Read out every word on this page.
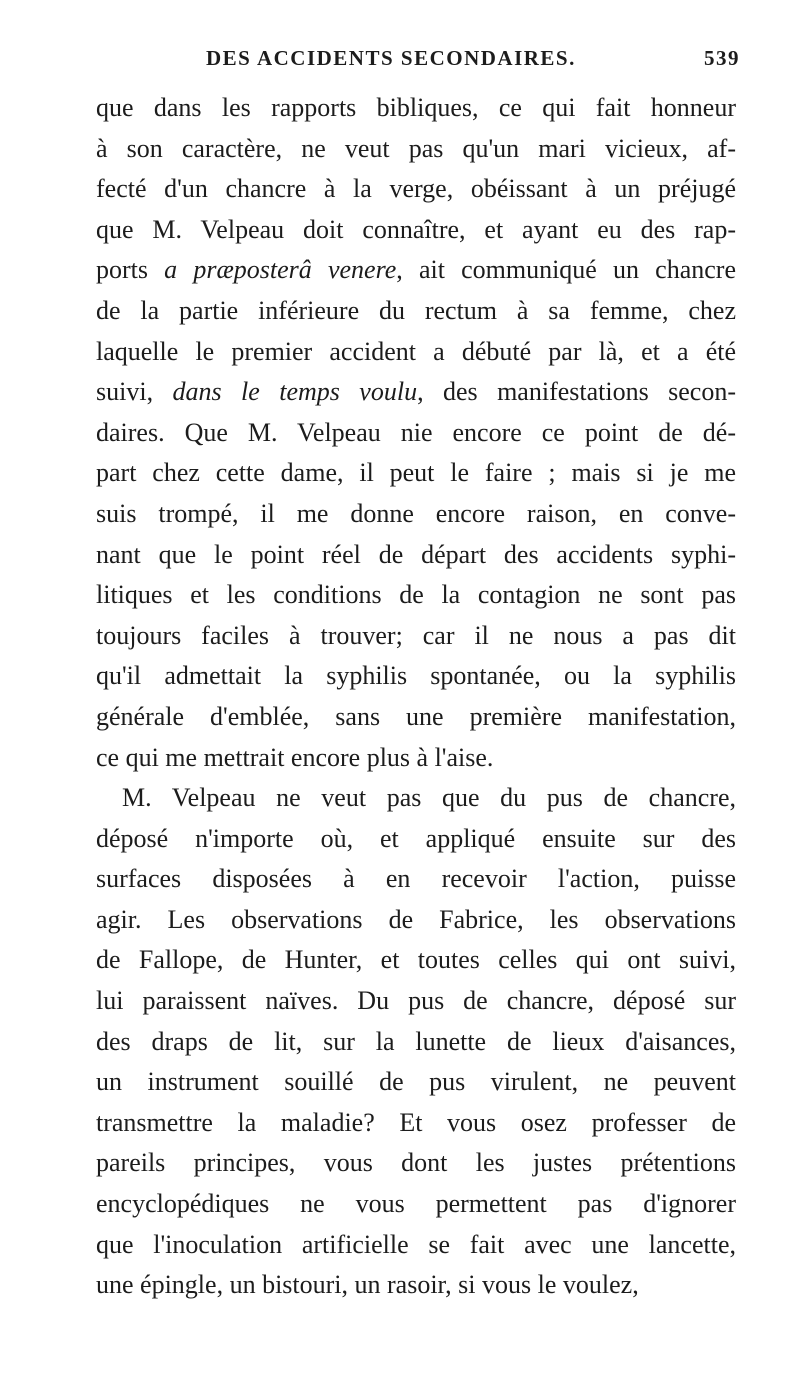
DES ACCIDENTS SECONDAIRES.	539
que dans les rapports bibliques, ce qui fait honneur
à son caractère, ne veut pas qu'un mari vicieux, af-
fecté d'un chancre à la verge, obéissant à un préjugé
que M. Velpeau doit connaître, et ayant eu des rap-
ports a præposterâ venere, ait communiqué un chancre
de la partie inférieure du rectum à sa femme, chez
laquelle le premier accident a débuté par là, et a été
suivi, dans le temps voulu, des manifestations secon-
daires. Que M. Velpeau nie encore ce point de dé-
part chez cette dame, il peut le faire ; mais si je me
suis trompé, il me donne encore raison, en conve-
nant que le point réel de départ des accidents syphi-
litiques et les conditions de la contagion ne sont pas
toujours faciles à trouver; car il ne nous a pas dit
qu'il admettait la syphilis spontanée, ou la syphilis
générale d'emblée, sans une première manifestation,
ce qui me mettrait encore plus à l'aise.
M. Velpeau ne veut pas que du pus de chancre,
déposé n'importe où, et appliqué ensuite sur des
surfaces disposées à en recevoir l'action, puisse
agir. Les observations de Fabrice, les observations
de Fallope, de Hunter, et toutes celles qui ont suivi,
lui paraissent naïves. Du pus de chancre, déposé sur
des draps de lit, sur la lunette de lieux d'aisances,
un instrument souillé de pus virulent, ne peuvent
transmettre la maladie? Et vous osez professer de
pareils principes, vous dont les justes prétentions
encyclopédiques ne vous permettent pas d'ignorer
que l'inoculation artificielle se fait avec une lancette,
une épingle, un bistouri, un rasoir, si vous le voulez,
